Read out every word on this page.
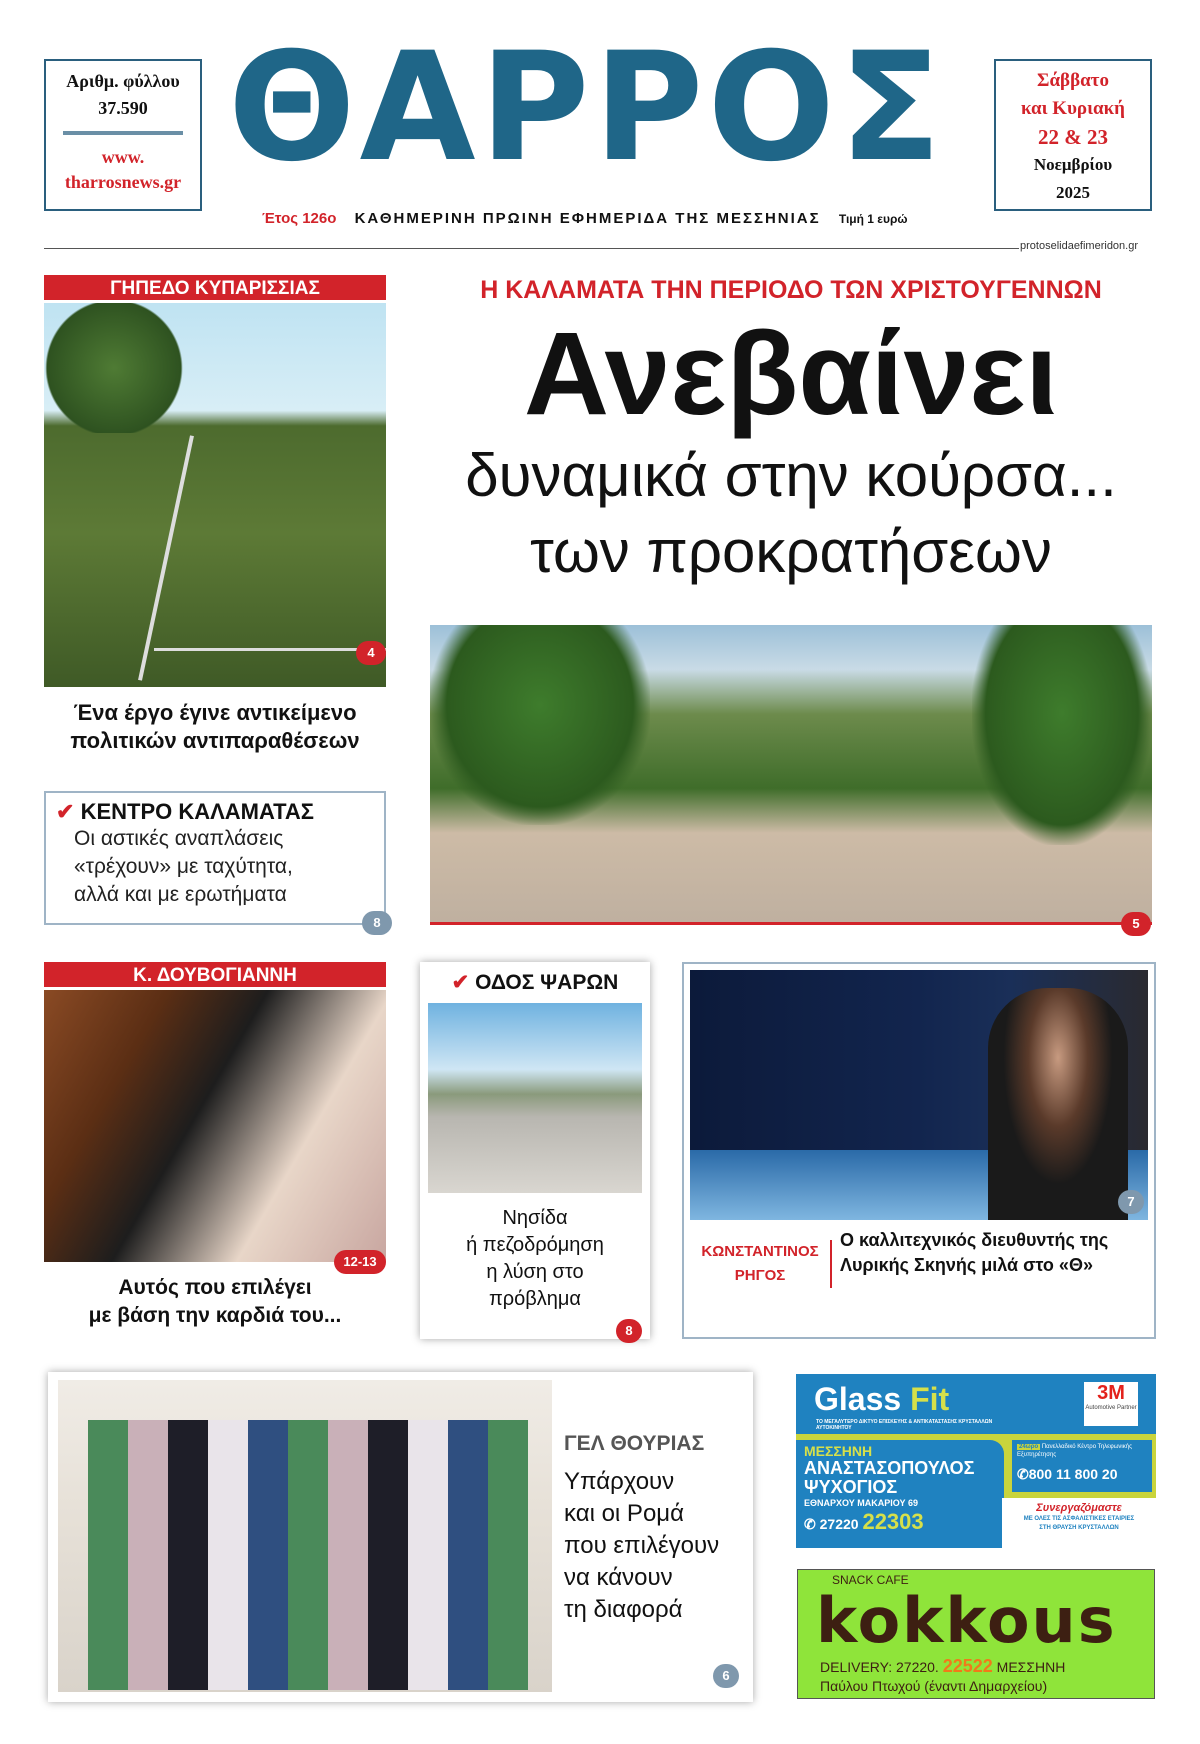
Αριθμ. φύλλου
37.590
www.
tharrosnews.gr ΘΑΡΡΟΣ	Σάββατο
και Κυριακή
22 & 23
Νοεμβρίου
2025
Έτος 126ο ΚΑΘΗΜΕΡΙΝΗ ΠΡΩΙΝΗ ΕΦΗΜΕΡΙΔΑ ΤΗΣ ΜΕΣΣΗΝΙΑΣ Τιμή 1 ευρώ
protoselidaefimeridon.gr
ΓΗΠΕΔΟ ΚΥΠΑΡΙΣΣΙΑΣ
4
Ένα έργο έγινε αντικείμενο
πολιτικών αντιπαραθέσεων
✔ ΚΕΝΤΡΟ ΚΑΛΑΜΑΤΑΣ
Οι αστικές αναπλάσεις
«τρέχουν» με ταχύτητα,
αλλά και με ερωτήματα
8
Η ΚΑΛΑΜΑΤΑ ΤΗΝ ΠΕΡΙΟΔΟ ΤΩΝ ΧΡΙΣΤΟΥΓΕΝΝΩΝ
Ανεβαίνει
δυναμικά στην κούρσα...
των προκρατήσεων
5
Κ. ΔΟΥΒΟΓΙΑΝΝΗ
12-13
Αυτός που επιλέγει
με βάση την καρδιά του...
✔ ΟΔΟΣ ΨΑΡΩΝ
Νησίδα
ή πεζοδρόμηση
η λύση στο
πρόβλημα
8
7
ΚΩΝΣΤΑΝΤΙΝΟΣ
ΡΗΓΟΣ
Ο καλλιτεχνικός διευθυντής της
Λυρικής Σκηνής μιλά στο «Θ»
ΓΕΛ ΘΟΥΡΙΑΣ
Υπάρχουν
και οι Ρομά
που επιλέγουν
να κάνουν
τη διαφορά
6
Glass Fit
ΤΟ ΜΕΓΑΛΥΤΕΡΟ ΔΙΚΤΥΟ ΕΠΙΣΚΕΥΗΣ & ΑΝΤΙΚΑΤΑΣΤΑΣΗΣ ΚΡΥΣΤΑΛΛΩΝ ΑΥΤΟΚΙΝΗΤΟΥ
3M
Automotive Partner
ΜΕΣΣΗΝΗ
ΑΝΑΣΤΑΣΟΠΟΥΛΟΣ
ΨΥΧΟΓΙΟΣ
ΕΘΝΑΡΧΟΥ ΜΑΚΑΡΙΟΥ 69
✆ 27220 22303
24ωρο Πανελλαδικό Κέντρο Τηλεφωνικής Εξυπηρέτησης
✆800 11 800 20
Συνεργαζόμαστε
ΜΕ ΟΛΕΣ ΤΙΣ ΑΣΦΑΛΙΣΤΙΚΕΣ ΕΤΑΙΡΙΕΣ
ΣΤΗ ΘΡΑΥΣΗ ΚΡΥΣΤΑΛΛΩΝ
SNACK CAFE
kokkous
DELIVERY: 27220. 22522 ΜΕΣΣΗΝΗ
Παύλου Πτωχού (έναντι Δημαρχείου)
